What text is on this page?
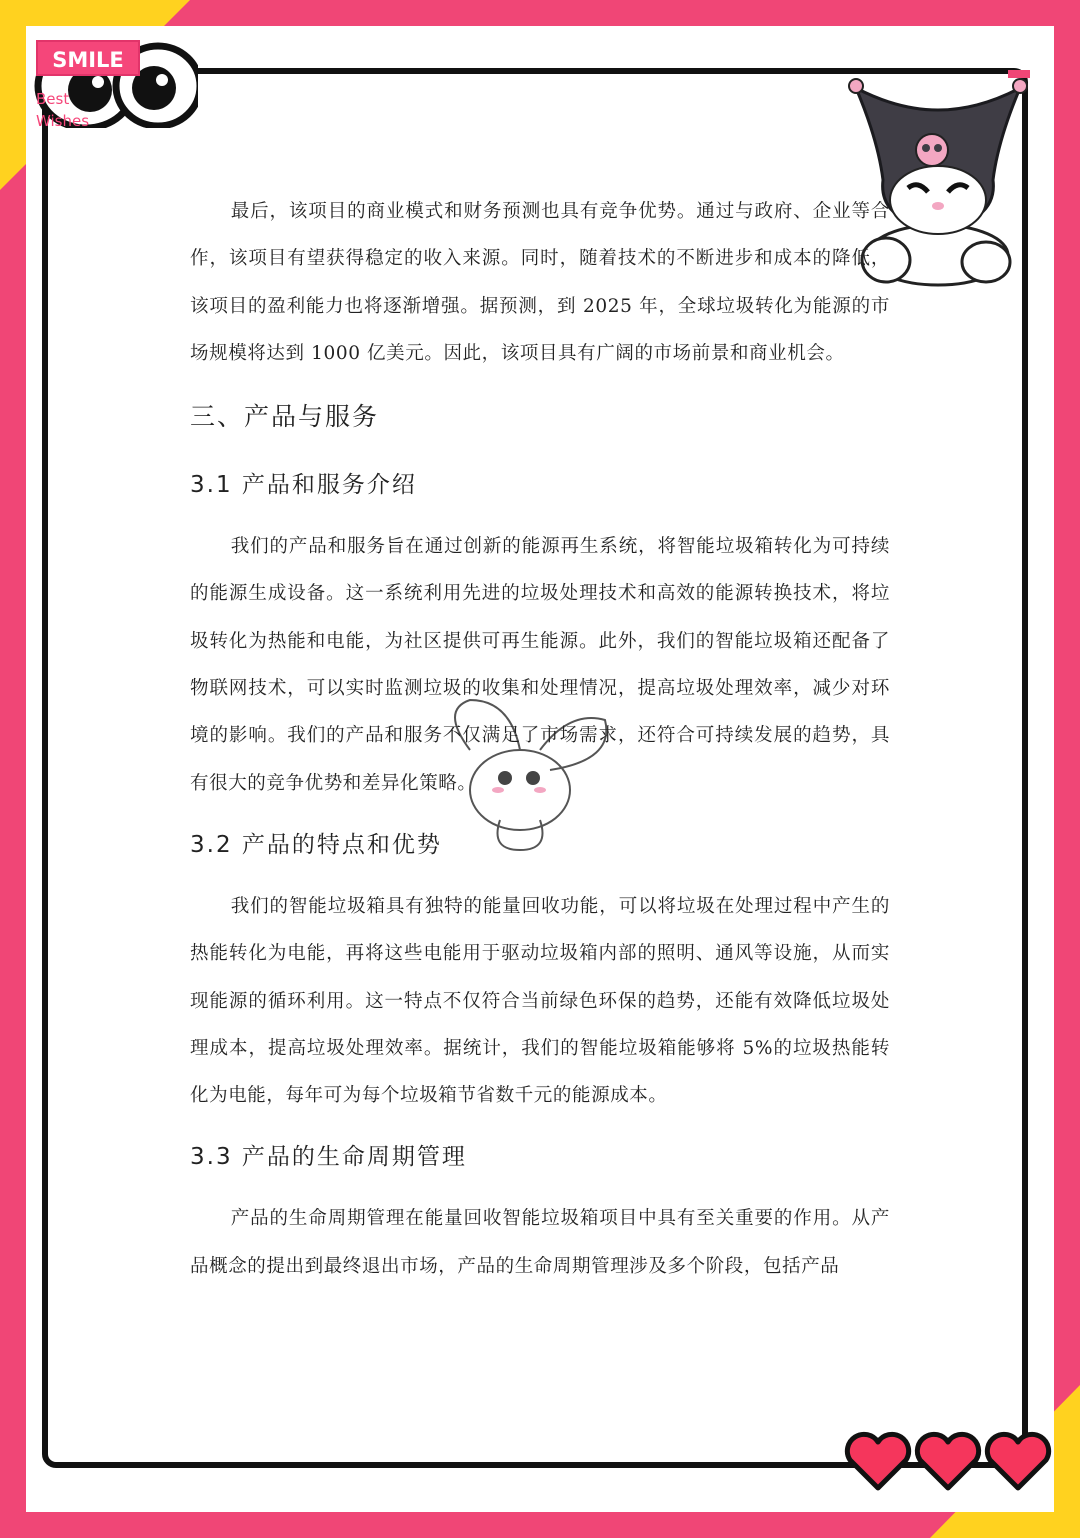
SMILE
Best
Wishes

最后，该项目的商业模式和财务预测也具有竞争优势。通过与政府、企业等合作，该项目有望获得稳定的收入来源。同时，随着技术的不断进步和成本的降低，该项目的盈利能力也将逐渐增强。据预测，到 2025 年，全球垃圾转化为能源的市场规模将达到 1000 亿美元。因此，该项目具有广阔的市场前景和商业机会。

三、产品与服务
3.1 产品和服务介绍

我们的产品和服务旨在通过创新的能源再生系统，将智能垃圾箱转化为可持续的能源生成设备。这一系统利用先进的垃圾处理技术和高效的能源转换技术，将垃圾转化为热能和电能，为社区提供可再生能源。此外，我们的智能垃圾箱还配备了物联网技术，可以实时监测垃圾的收集和处理情况，提高垃圾处理效率，减少对环境的影响。我们的产品和服务不仅满足了市场需求，还符合可持续发展的趋势，具有很大的竞争优势和差异化策略。

3.2 产品的特点和优势

我们的智能垃圾箱具有独特的能量回收功能，可以将垃圾在处理过程中产生的热能转化为电能，再将这些电能用于驱动垃圾箱内部的照明、通风等设施，从而实现能源的循环利用。这一特点不仅符合当前绿色环保的趋势，还能有效降低垃圾处理成本，提高垃圾处理效率。据统计，我们的智能垃圾箱能够将 5%的垃圾热能转化为电能，每年可为每个垃圾箱节省数千元的能源成本。

3.3 产品的生命周期管理

产品的生命周期管理在能量回收智能垃圾箱项目中具有至关重要的作用。从产品概念的提出到最终退出市场，产品的生命周期管理涉及多个阶段，包括产品
